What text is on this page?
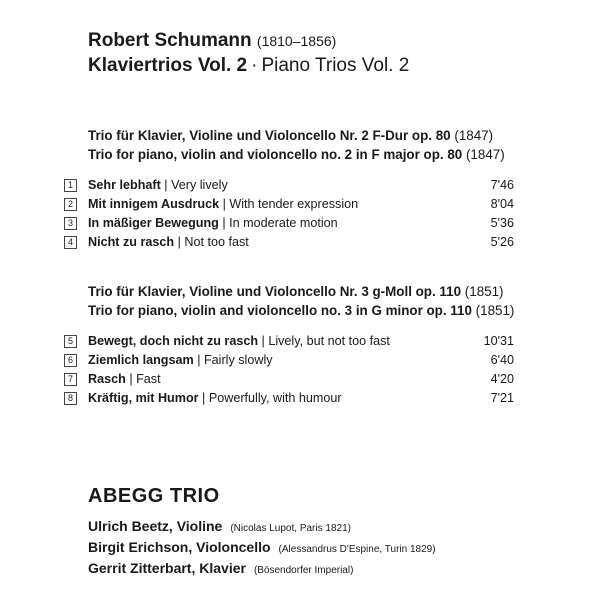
Robert Schumann (1810–1856)
Klaviertrios Vol. 2 · Piano Trios Vol. 2
Trio für Klavier, Violine und Violoncello Nr. 2 F-Dur op. 80 (1847)
Trio for piano, violin and violoncello no. 2 in F major op. 80 (1847)
1	Sehr lebhaft | Very lively	7'46
2	Mit innigem Ausdruck | With tender expression	8'04
3	In mäßiger Bewegung | In moderate motion	5'36
4	Nicht zu rasch | Not too fast	5'26
Trio für Klavier, Violine und Violoncello Nr. 3 g-Moll op. 110 (1851)
Trio for piano, violin and violoncello no. 3 in G minor op. 110 (1851)
5	Bewegt, doch nicht zu rasch | Lively, but not too fast	10'31
6	Ziemlich langsam | Fairly slowly	6'40
7	Rasch | Fast	4'20
8	Kräftig, mit Humor | Powerfully, with humour	7'21
ABEGG TRIO
Ulrich Beetz, Violine (Nicolas Lupot, Paris 1821)
Birgit Erichson, Violoncello (Alessandrus D'Espine, Turin 1829)
Gerrit Zitterbart, Klavier (Bösendorfer Imperial)
